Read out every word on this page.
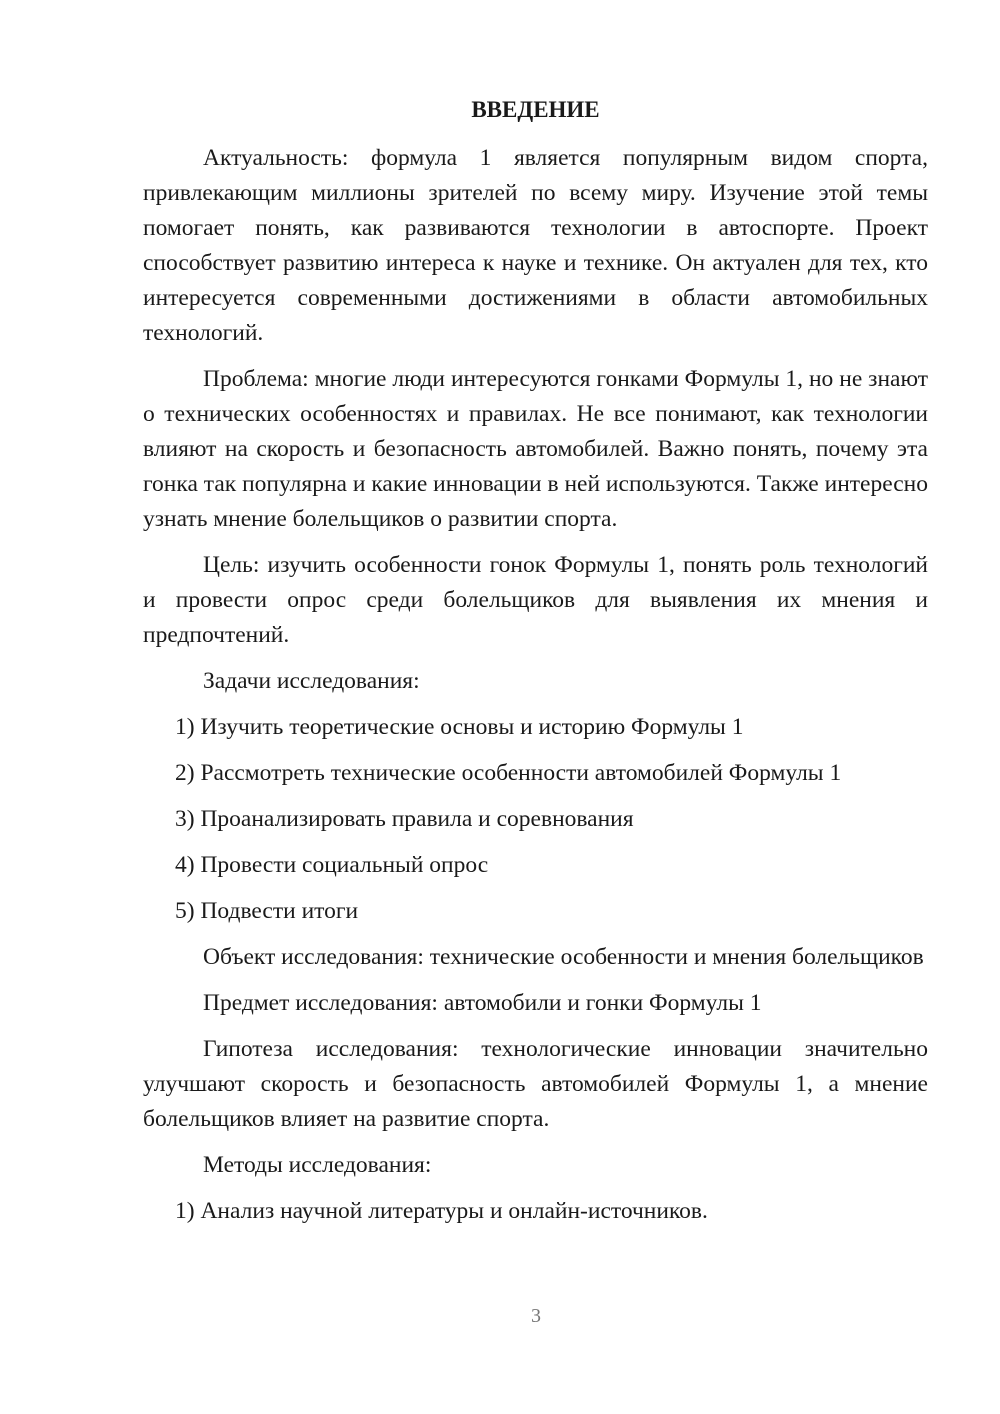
ВВЕДЕНИЕ

Актуальность: формула 1 является популярным видом спорта, привлекающим миллионы зрителей по всему миру. Изучение этой темы помогает понять, как развиваются технологии в автоспорте. Проект способствует развитию интереса к науке и технике. Он актуален для тех, кто интересуется современными достижениями в области автомобильных технологий.

Проблема: многие люди интересуются гонками Формулы 1, но не знают о технических особенностях и правилах. Не все понимают, как технологии влияют на скорость и безопасность автомобилей. Важно понять, почему эта гонка так популярна и какие инновации в ней используются. Также интересно узнать мнение болельщиков о развитии спорта.

Цель: изучить особенности гонок Формулы 1, понять роль технологий и провести опрос среди болельщиков для выявления их мнения и предпочтений.

Задачи исследования:

1) Изучить теоретические основы и историю Формулы 1
2) Рассмотреть технические особенности автомобилей Формулы 1
3) Проанализировать правила и соревнования
4) Провести социальный опрос
5) Подвести итоги

Объект исследования: технические особенности и мнения болельщиков

Предмет исследования: автомобили и гонки Формулы 1

Гипотеза исследования: технологические инновации значительно улучшают скорость и безопасность автомобилей Формулы 1, а мнение болельщиков влияет на развитие спорта.

Методы исследования:

1) Анализ научной литературы и онлайн-источников.
3
